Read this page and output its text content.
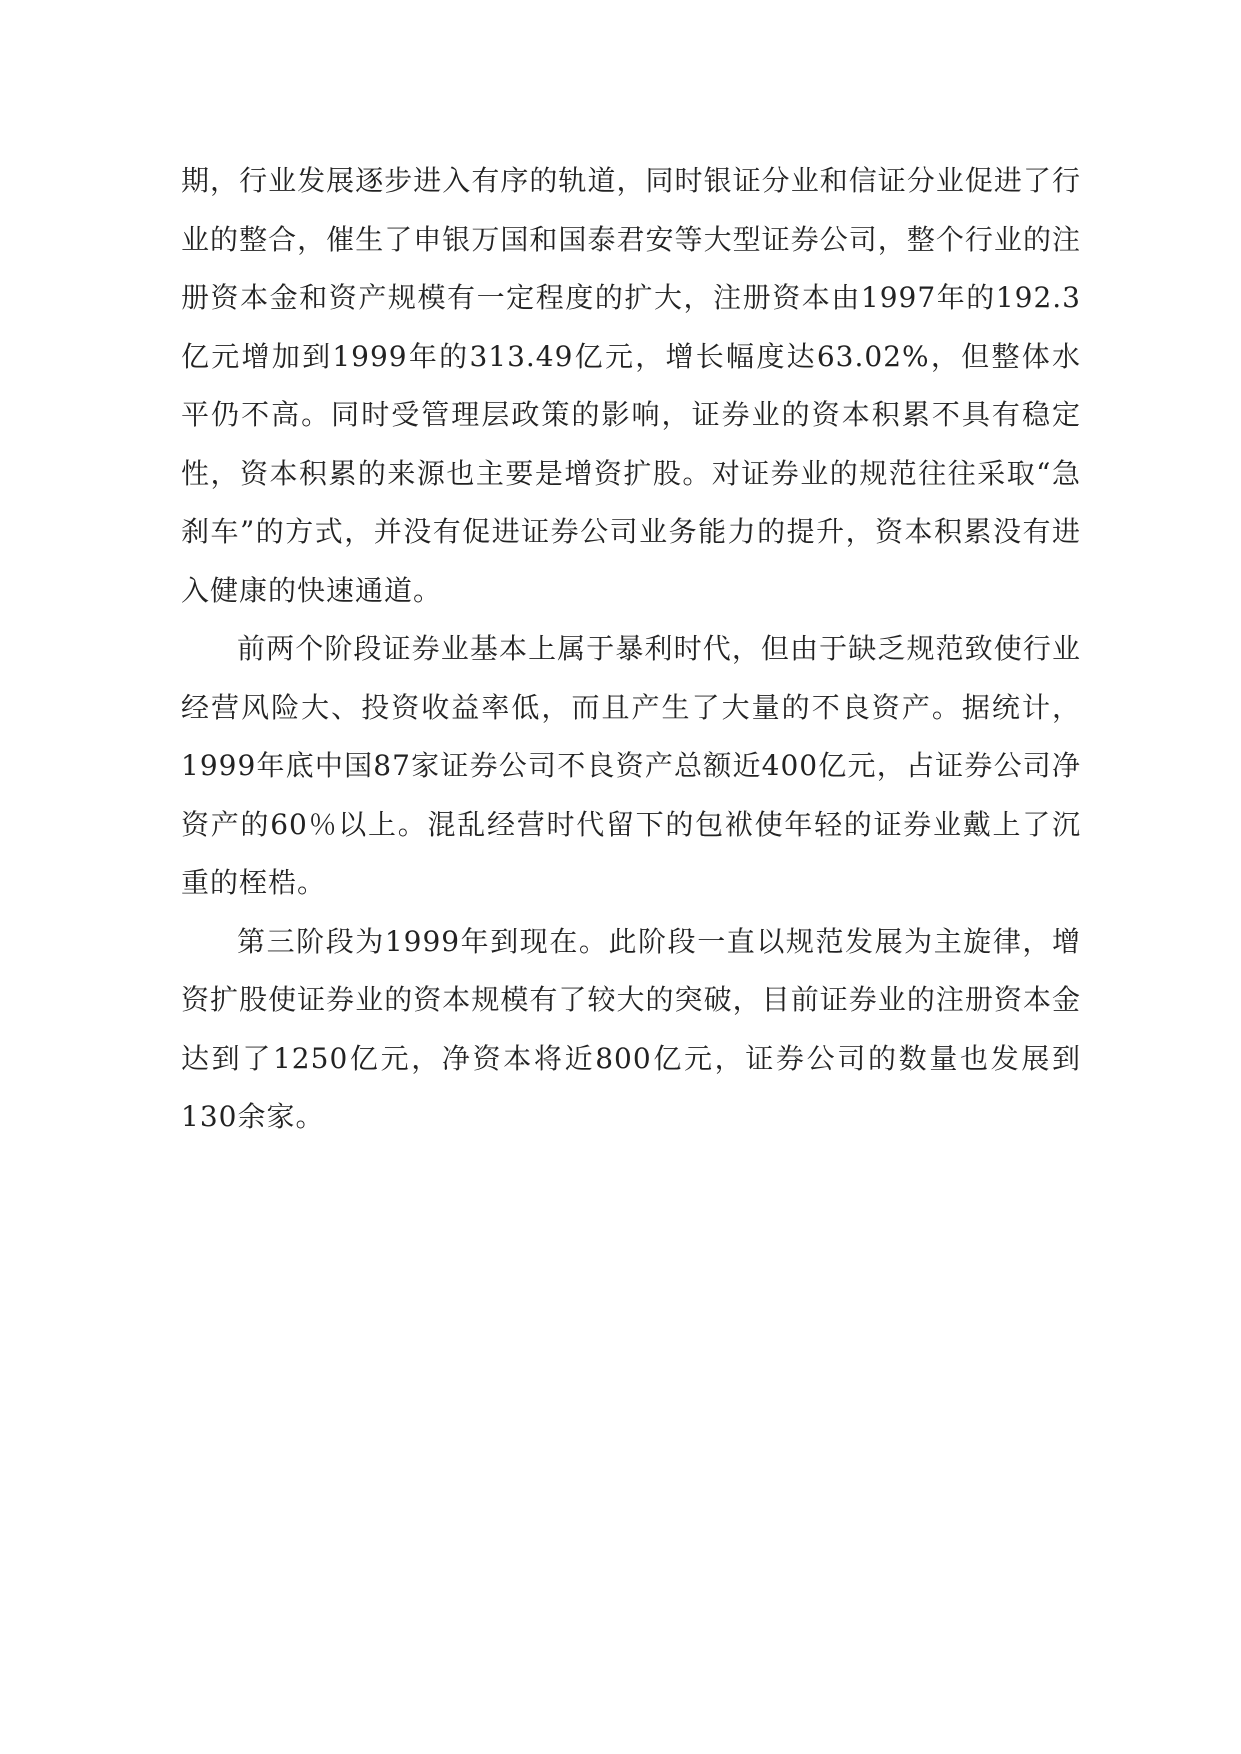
期，行业发展逐步进入有序的轨道，同时银证分业和信证分业促进了行业的整合，催生了申银万国和国泰君安等大型证券公司，整个行业的注册资本金和资产规模有一定程度的扩大，注册资本由1997年的192.3亿元增加到1999年的313.49亿元，增长幅度达63.02%，但整体水平仍不高。同时受管理层政策的影响，证券业的资本积累不具有稳定性，资本积累的来源也主要是增资扩股。对证券业的规范往往采取“急刹车”的方式，并没有促进证券公司业务能力的提升，资本积累没有进入健康的快速通道。

前两个阶段证券业基本上属于暴利时代，但由于缺乏规范致使行业经营风险大、投资收益率低，而且产生了大量的不良资产。据统计，1999年底中国87家证券公司不良资产总额近400亿元，占证券公司净资产的60％以上。混乱经营时代留下的包袱使年轻的证券业戴上了沉重的桎梏。

第三阶段为1999年到现在。此阶段一直以规范发展为主旋律，增资扩股使证券业的资本规模有了较大的突破，目前证券业的注册资本金达到了1250亿元，净资本将近800亿元，证券公司的数量也发展到130余家。
